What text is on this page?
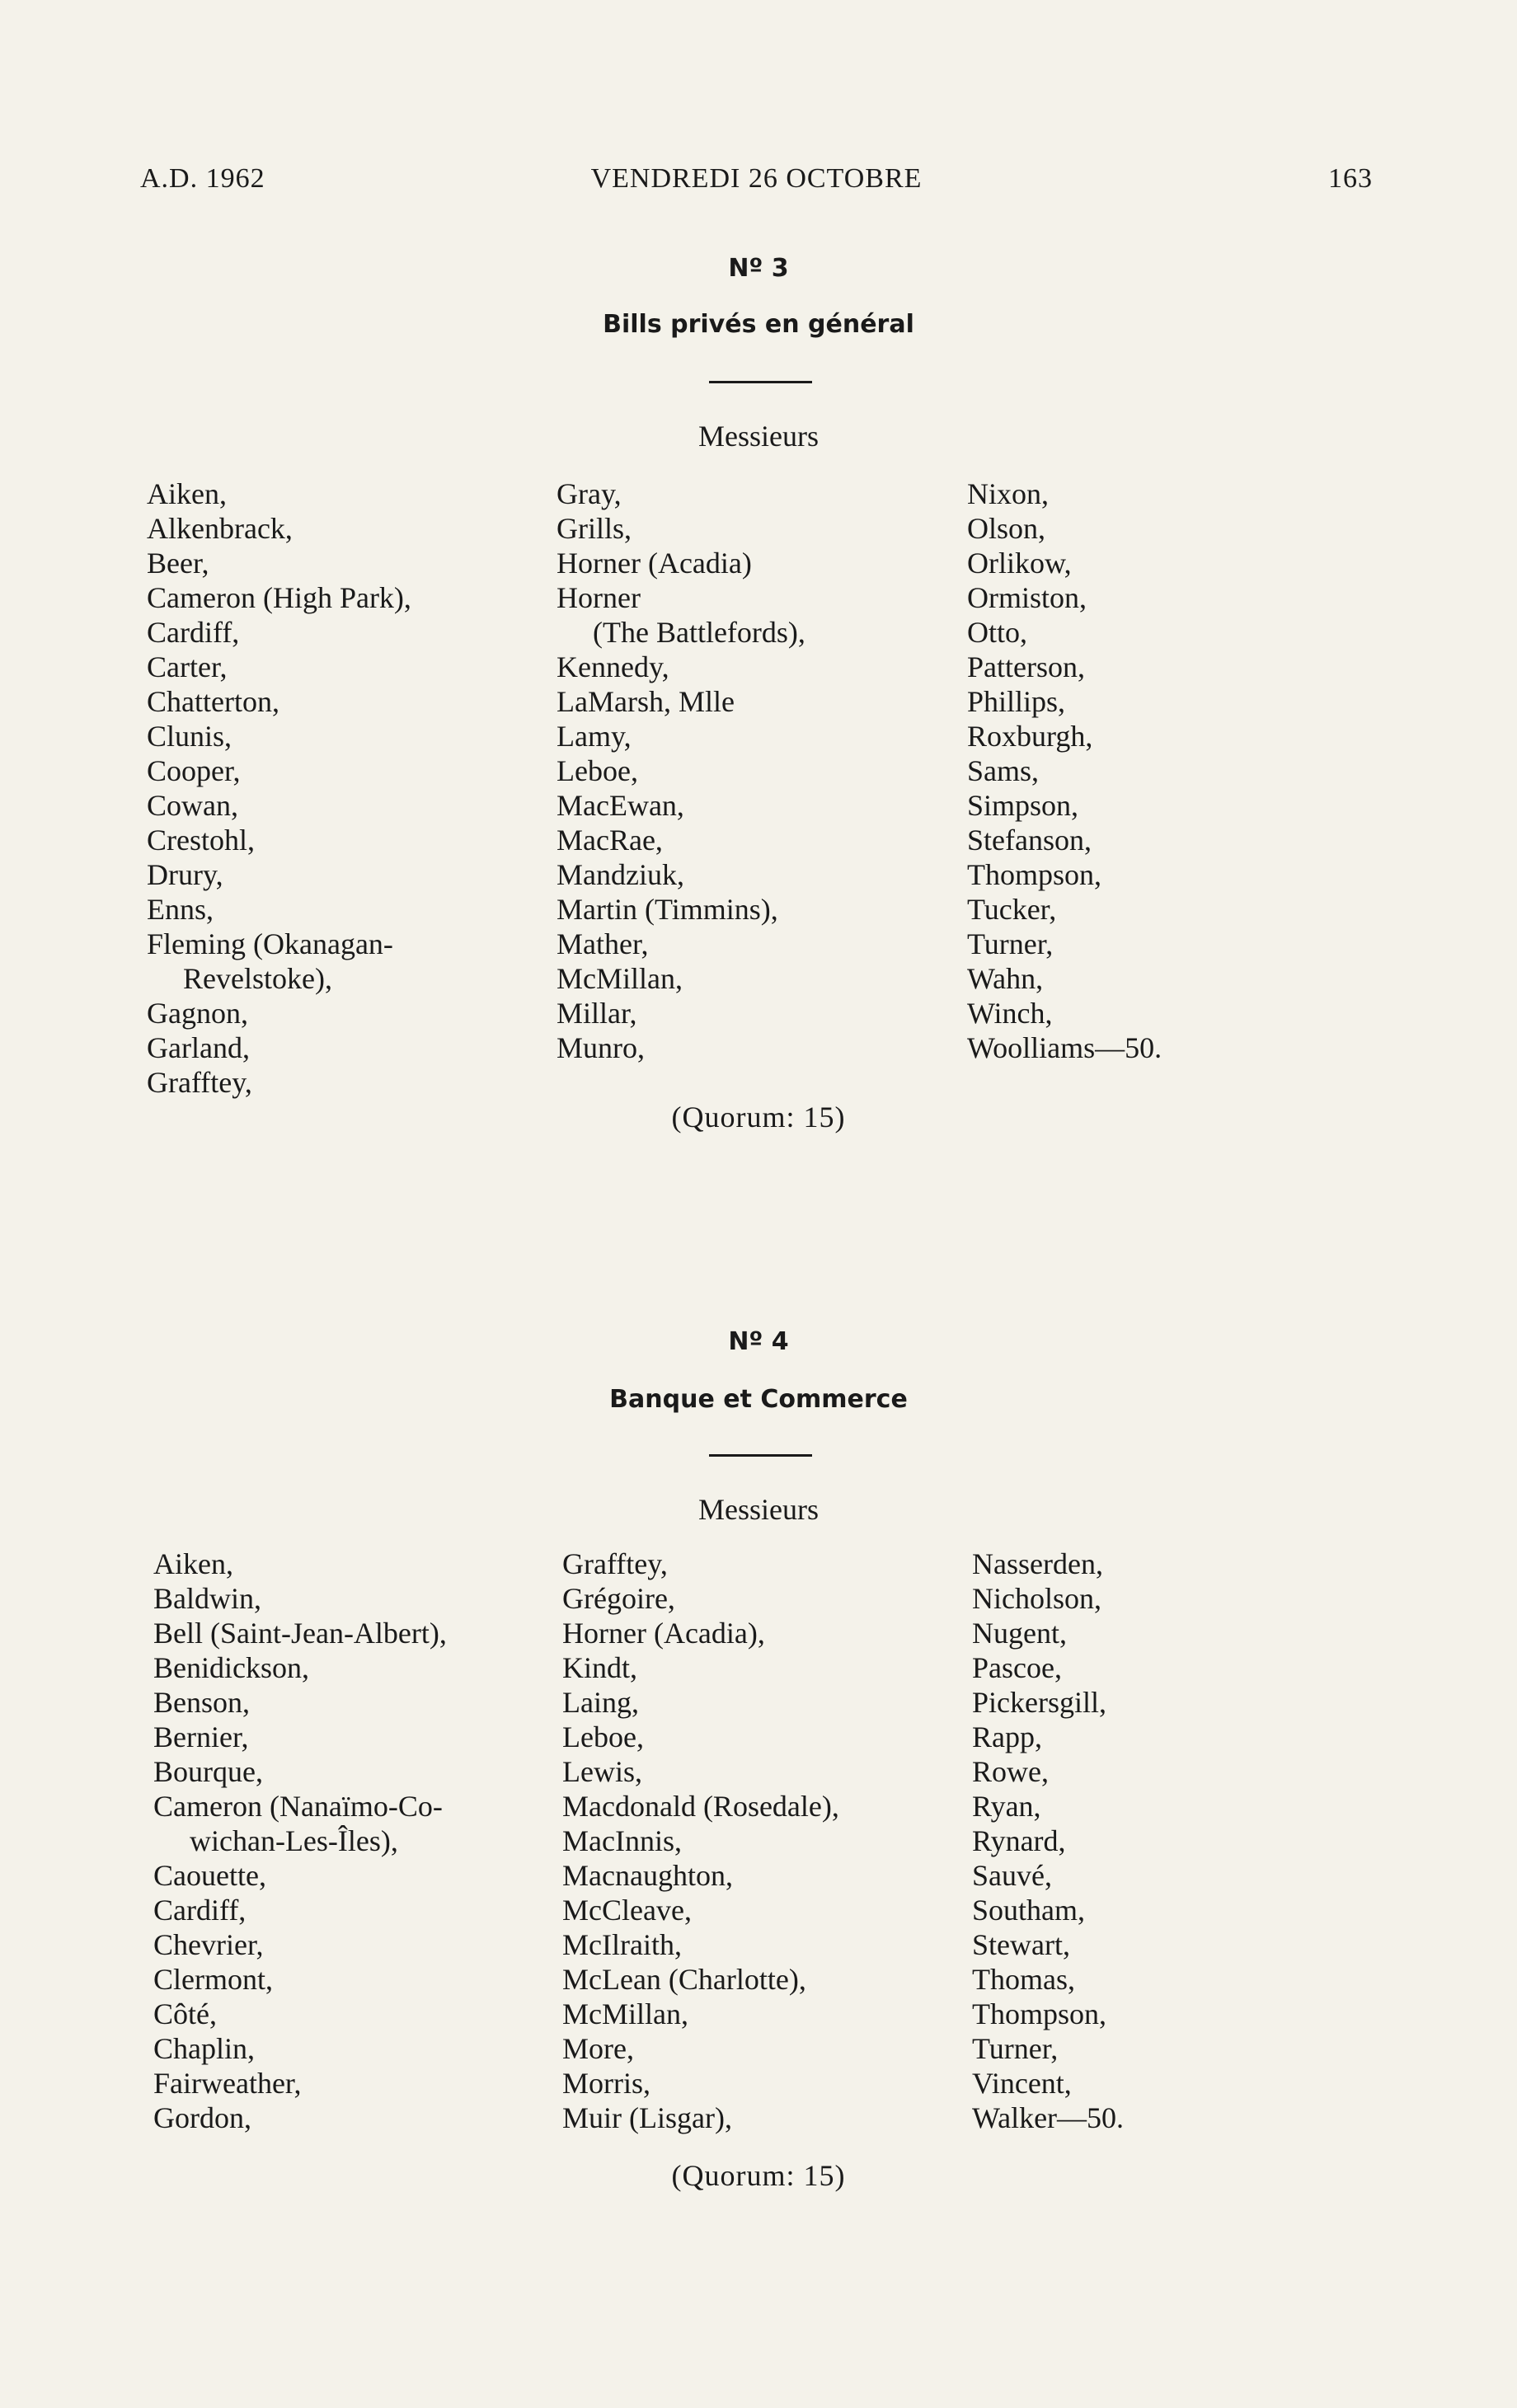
A.D. 1962	VENDREDI 26 OCTOBRE	163
Nº 3
Bills privés en général
Messieurs
Aiken,
Alkenbrack,
Beer,
Cameron (High Park),
Cardiff,
Carter,
Chatterton,
Clunis,
Cooper,
Cowan,
Crestohl,
Drury,
Enns,
Fleming (Okanagan-
Revelstoke),
Gagnon,
Garland,
Grafftey,
Gray,
Grills,
Horner (Acadia)
Horner
(The Battlefords),
Kennedy,
LaMarsh, Mlle
Lamy,
Leboe,
MacEwan,
MacRae,
Mandziuk,
Martin (Timmins),
Mather,
McMillan,
Millar,
Munro,
Nixon,
Olson,
Orlikow,
Ormiston,
Otto,
Patterson,
Phillips,
Roxburgh,
Sams,
Simpson,
Stefanson,
Thompson,
Tucker,
Turner,
Wahn,
Winch,
Woolliams—50.
(Quorum: 15)
Nº 4
Banque et Commerce
Messieurs
Aiken,
Baldwin,
Bell (Saint-Jean-Albert),
Benidickson,
Benson,
Bernier,
Bourque,
Cameron (Nanaïmo-Co-
wichan-Les-Îles),
Caouette,
Cardiff,
Chevrier,
Clermont,
Côté,
Chaplin,
Fairweather,
Gordon,
Grafftey,
Grégoire,
Horner (Acadia),
Kindt,
Laing,
Leboe,
Lewis,
Macdonald (Rosedale),
MacInnis,
Macnaughton,
McCleave,
McIlraith,
McLean (Charlotte),
McMillan,
More,
Morris,
Muir (Lisgar),
Nasserden,
Nicholson,
Nugent,
Pascoe,
Pickersgill,
Rapp,
Rowe,
Ryan,
Rynard,
Sauvé,
Southam,
Stewart,
Thomas,
Thompson,
Turner,
Vincent,
Walker—50.
(Quorum: 15)
